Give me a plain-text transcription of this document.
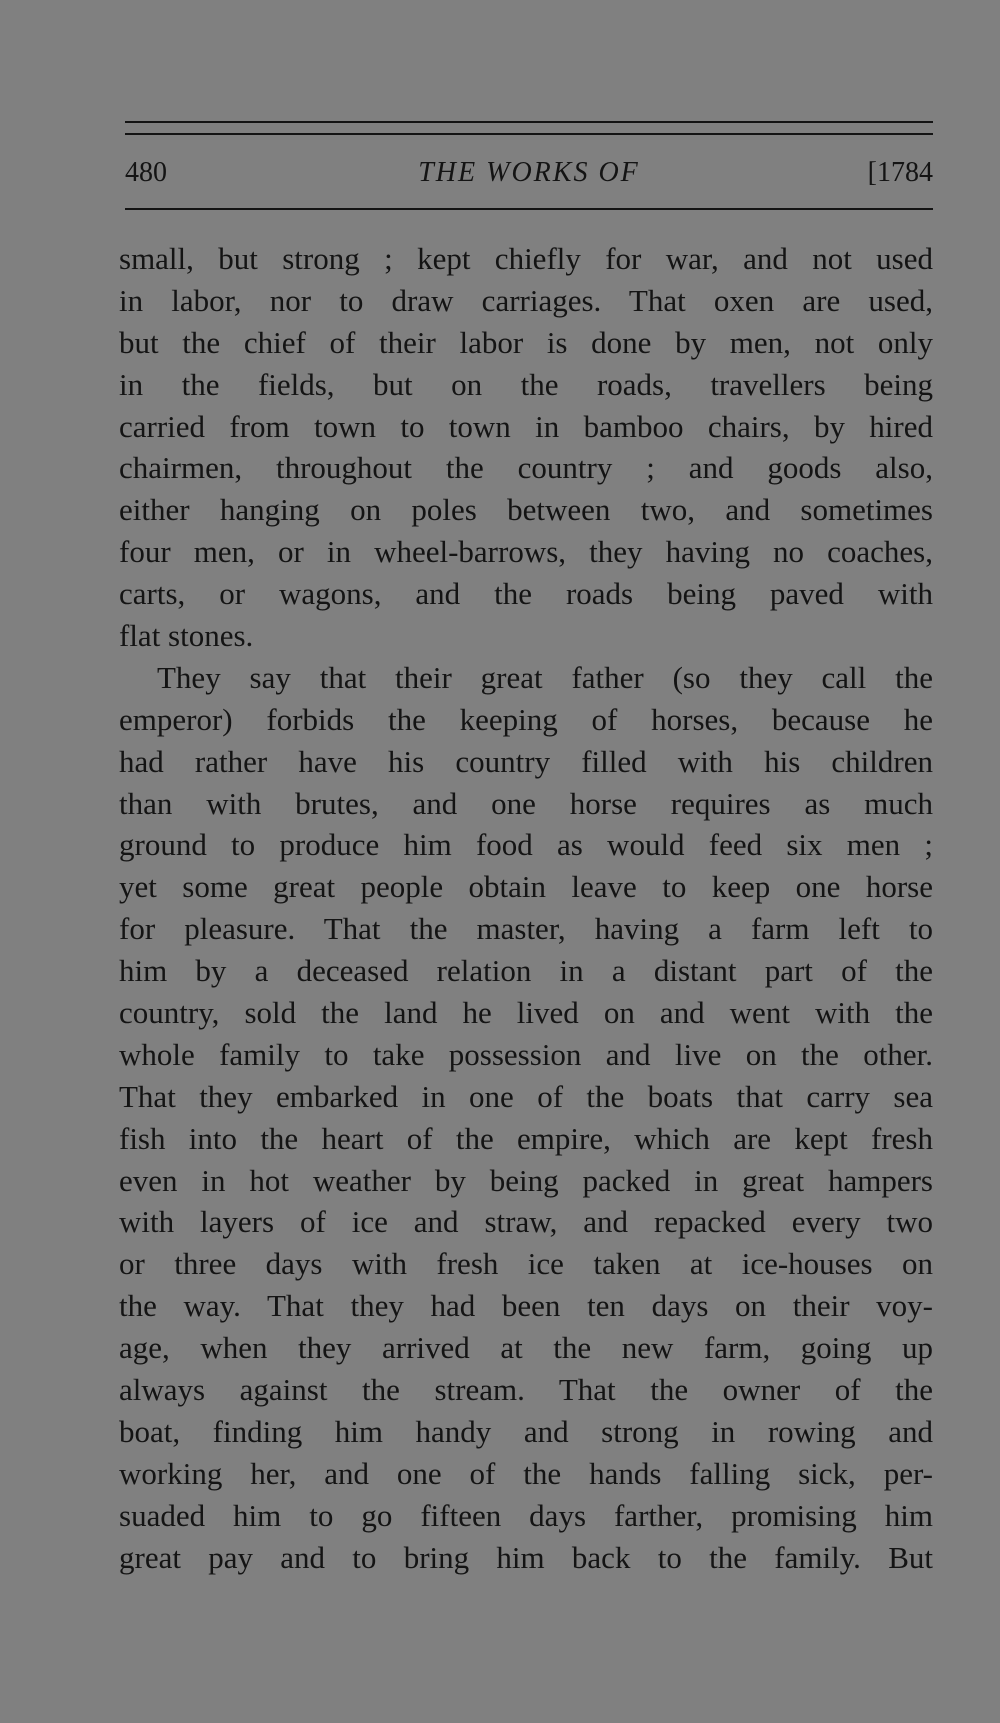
480	THE WORKS OF	[1784
small, but strong ; kept chiefly for war, and not used
in labor, nor to draw carriages. That oxen are used,
but the chief of their labor is done by men, not only
in the fields, but on the roads, travellers being
carried from town to town in bamboo chairs, by hired
chairmen, throughout the country ; and goods also,
either hanging on poles between two, and sometimes
four men, or in wheel-barrows, they having no coaches,
carts, or wagons, and the roads being paved with
flat stones.
They say that their great father (so they call the
emperor) forbids the keeping of horses, because he
had rather have his country filled with his children
than with brutes, and one horse requires as much
ground to produce him food as would feed six men ;
yet some great people obtain leave to keep one horse
for pleasure. That the master, having a farm left to
him by a deceased relation in a distant part of the
country, sold the land he lived on and went with the
whole family to take possession and live on the other.
That they embarked in one of the boats that carry sea
fish into the heart of the empire, which are kept fresh
even in hot weather by being packed in great hampers
with layers of ice and straw, and repacked every two
or three days with fresh ice taken at ice-houses on
the way. That they had been ten days on their voy-
age, when they arrived at the new farm, going up
always against the stream. That the owner of the
boat, finding him handy and strong in rowing and
working her, and one of the hands falling sick, per-
suaded him to go fifteen days farther, promising him
great pay and to bring him back to the family. But
